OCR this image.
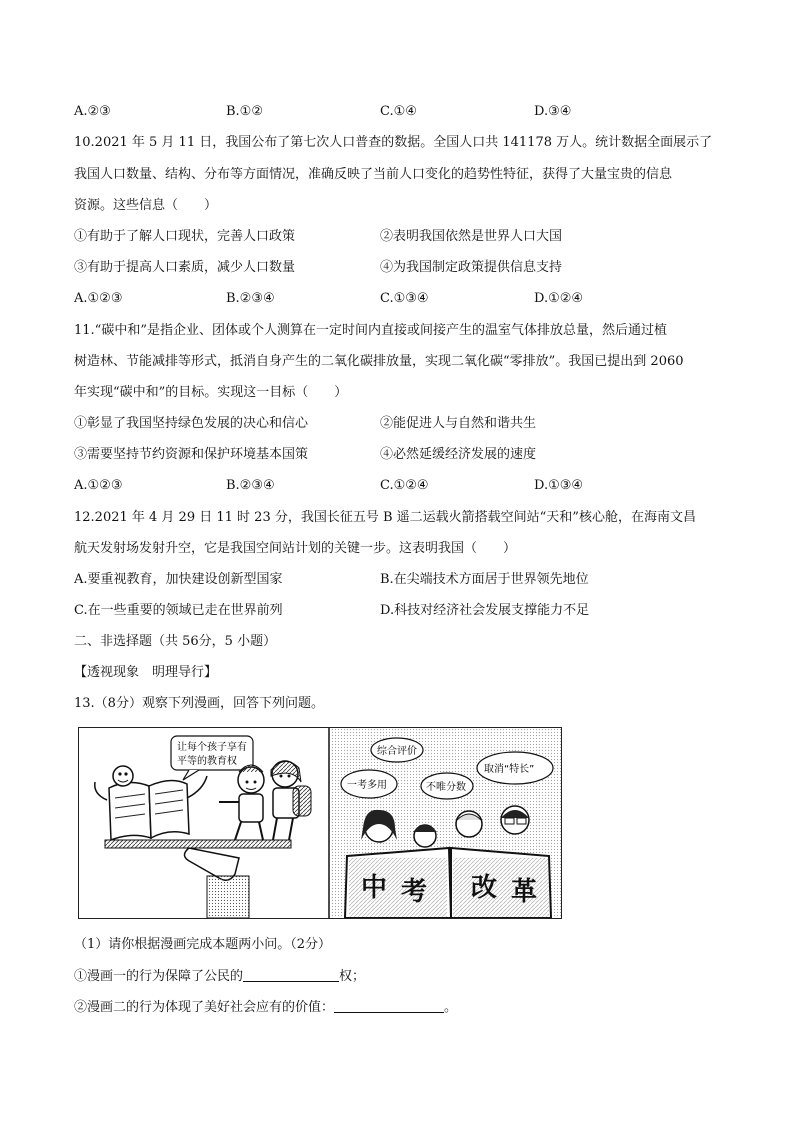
A.②③	B.①②	C.①④	D.③④
10.2021 年 5 月 11 日，我国公布了第七次人口普查的数据。全国人口共 141178 万人。统计数据全面展示了
我国人口数量、结构、分布等方面情况，准确反映了当前人口变化的趋势性特征，获得了大量宝贵的信息
资源。这些信息（　　）
①有助于了解人口现状，完善人口政策	②表明我国依然是世界人口大国
③有助于提高人口素质，减少人口数量	④为我国制定政策提供信息支持
A.①②③	B.②③④	C.①③④	D.①②④
11.“碳中和”是指企业、团体或个人测算在一定时间内直接或间接产生的温室气体排放总量，然后通过植
树造林、节能减排等形式，抵消自身产生的二氧化碳排放量，实现二氧化碳“零排放”。我国已提出到 2060
年实现“碳中和”的目标。实现这一目标（　　）
①彰显了我国坚持绿色发展的决心和信心	②能促进人与自然和谐共生
③需要坚持节约资源和保护环境基本国策	④必然延缓经济发展的速度
A.①②③	B.②③④	C.①②④	D.①③④
12.2021 年 4 月 29 日 11 时 23 分，我国长征五号 B 遥二运载火箭搭载空间站“天和”核心舱，在海南文昌
航天发射场发射升空，它是我国空间站计划的关键一步。这表明我国（　　）
A.要重视教育，加快建设创新型国家	B.在尖端技术方面居于世界领先地位
C.在一些重要的领域已走在世界前列	D.科技对经济社会发展支撑能力不足
二、非选择题（共 56分，5 小题）
【透视现象　明理导行】
13.（8分）观察下列漫画，回答下列问题。
让每个孩子享有
平等的教育权
综合评价
一考多用	不唯分数
取消“特长”
中 考 改 革
（1）请你根据漫画完成本题两小问。（2分）
①漫画一的行为保障了公民的	权；
②漫画二的行为体现了美好社会应有的价值：	。
